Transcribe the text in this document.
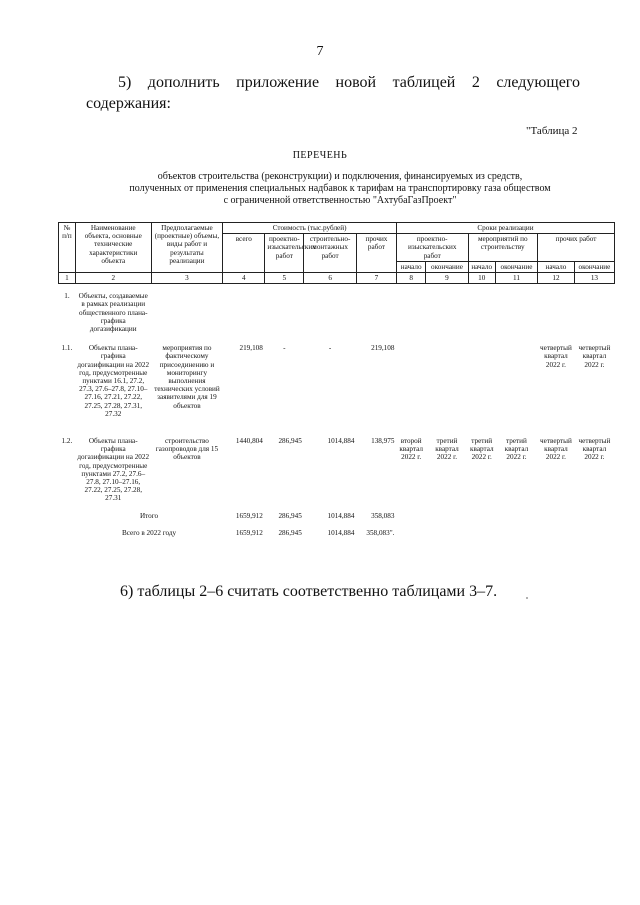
7
5) дополнить приложение новой таблицей 2 следующего
содержания:
"Таблица 2
ПЕРЕЧЕНЬ
объектов строительства (реконструкции) и подключения, финансируемых из средств,
полученных от применения специальных надбавок к тарифам на транспортировку газа обществом
с ограниченной ответственностью "АхтубаГазПроект"
№ п/п	Наименование объекта, основные технические характеристики объекта	Предполагаемые (проектные) объемы, виды работ и результаты реализации	Стоимость (тыс.рублей)				Сроки реализации					
			всего	проектно-изыскательских работ	строительно-монтажных работ	прочих работ	проектно-изыскательских работ		мероприятий по строительству		прочих работ	
							начало	окончание	начало	окончание	начало	окончание
1	2	3	4	5	6	7	8	9	10	11	12	13
1.	Объекты, создаваемые в рамках реализации общественного плана-графика догазификации											
1.1.	Объекты плана-графика догазификации на 2022 год, предусмотренные пунктами 16.1, 27.2, 27.3, 27.6–27.8, 27.10–27.16, 27.21, 27.22, 27.25, 27.28, 27.31, 27.32	мероприятия по фактическому присоединению и мониторингу выполнения технических условий заявителями для 19 объектов	219,108	-	-	219,108					четвертый квартал 2022 г.	четвертый квартал 2022 г.
1.2.	Объекты плана-графика догазификации на 2022 год, предусмотренные пунктами 27.2, 27.6–27.8, 27.10–27.16, 27.22, 27.25, 27.28, 27.31	строительство газопроводов для 15 объектов	1440,804	286,945	1014,884	138,975	второй квартал 2022 г.	третий квартал 2022 г.	третий квартал 2022 г.	третий квартал 2022 г.	четвертый квартал 2022 г.	четвертый квартал 2022 г.
	Итого		1659,912	286,945	1014,884	358,083						
	Всего в 2022 году		1659,912	286,945	1014,884	358,083".						
6) таблицы 2–6 считать соответственно таблицами 3–7.
